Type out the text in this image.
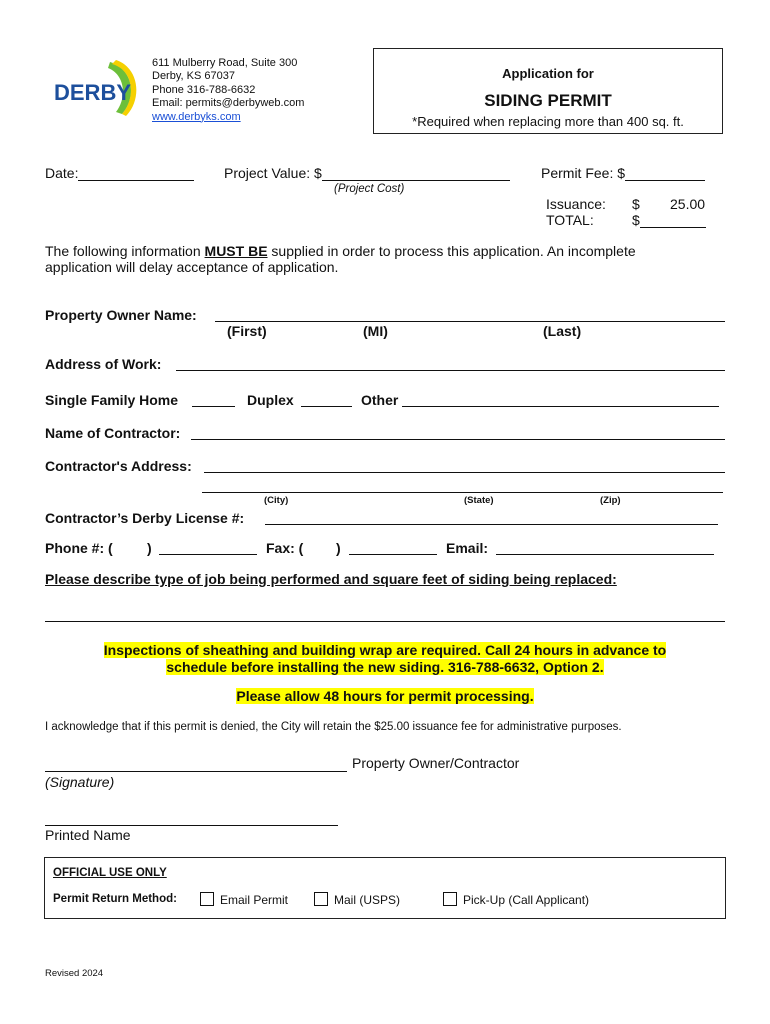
DERBY
611 Mulberry Road, Suite 300
Derby, KS 67037
Phone 316-788-6632
Email: permits@derbyweb.com
www.derbyks.com
Application for
SIDING PERMIT
*Required when replacing more than 400 sq. ft.
Date:	Project Value: $
(Project Cost)
Permit Fee: $
Issuance: $ 25.00
TOTAL:	$
The following information MUST BE supplied in order to process this application. An incomplete
application will delay acceptance of application.
Property Owner Name:
(First)	(MI)	(Last)
Address of Work:
Single Family Home	Duplex	Other
Name of Contractor:
Contractor's Address:
(City)	(State)	(Zip)
Contractor’s Derby License #:
Phone #: ( )	Fax: ( )	Email:
Please describe type of job being performed and square feet of siding being replaced:
Inspections of sheathing and building wrap are required. Call 24 hours in advance to
schedule before installing the new siding. 316-788-6632, Option 2.
Please allow 48 hours for permit processing.
I acknowledge that if this permit is denied, the City will retain the $25.00 issuance fee for administrative purposes.
Property Owner/Contractor
(Signature)
Printed Name
OFFICIAL USE ONLY
Permit Return Method:	Email Permit	Mail (USPS)	Pick-Up (Call Applicant)
Revised 2024
